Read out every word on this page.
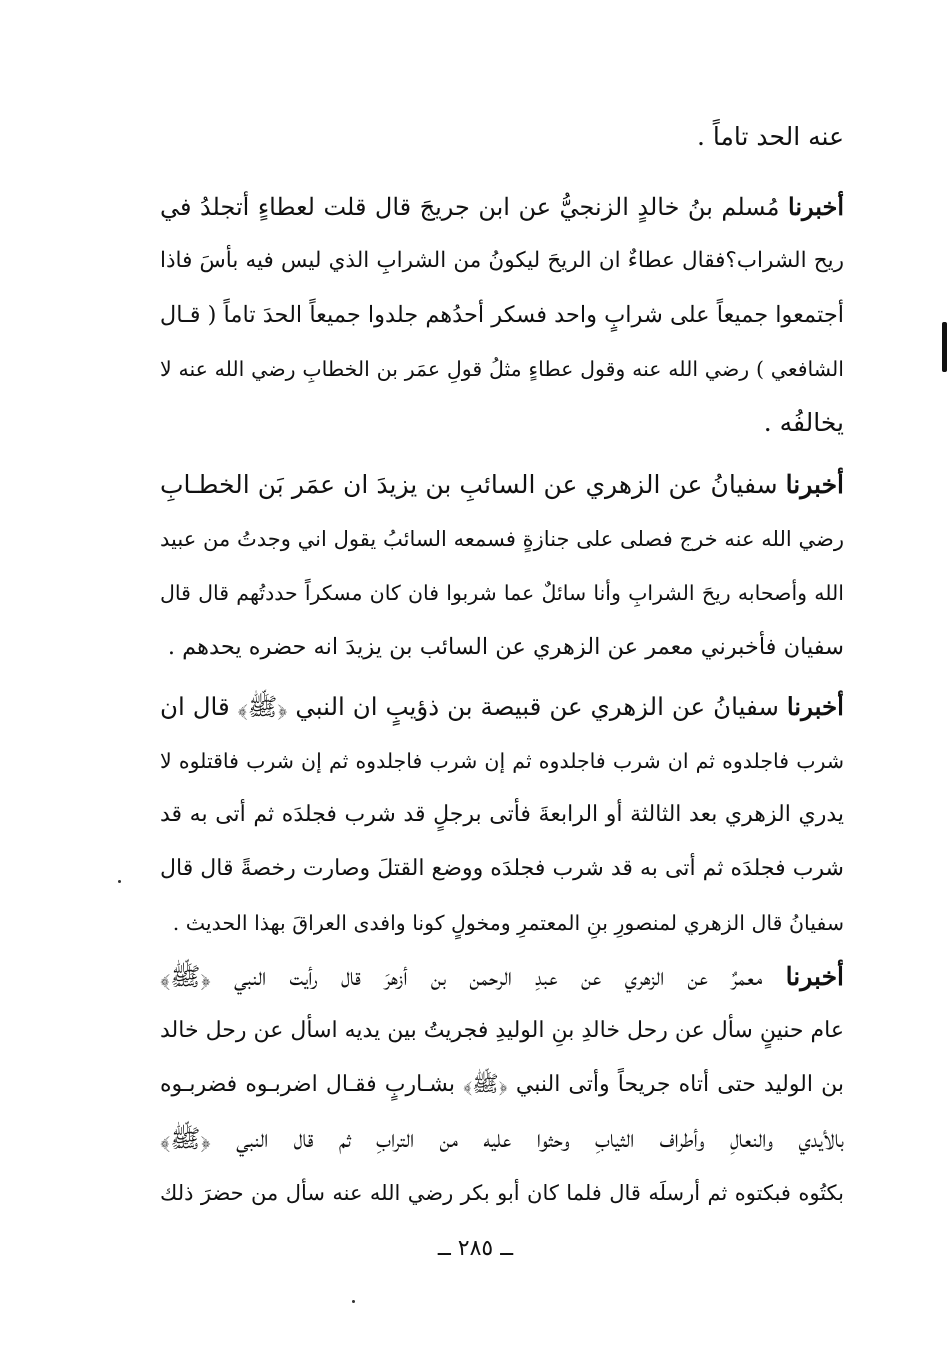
عنه الحد تاماً .
أخبرنا مُسلم بنُ خالدٍ الزنجيُّ عن ابن جريجَ قال قلت لعطاءٍ أتجلدُ في
ريح الشراب؟فقال عطاءٌ ان الريحَ ليكونُ من الشرابِ الذي ليس فيه بأسَ فاذا
أجتمعوا جميعاً على شرابٍ واحد فسكر أحدُهم جلدوا جميعاً الحدَ تاماً ( قـال
الشافعي ) رضي الله عنه وقول عطاءٍ مثلُ قولِ عمَر بن الخطابِ رضي الله عنه لا
يخالفُه .
أخبرنا سفيانُ عن الزهري عن السائبِ بن يزيدَ ان عمَر بَن الخطـابِ
رضي الله عنه خرج فصلى على جنازةٍ فسمعه السائبُ يقول اني وجدتُ من عبيد
الله وأصحابه ريحَ الشرابِ وأنا سائلٌ عما شربوا فان كان مسكراً حددتُهم قال قال
سفيان فأخبرني معمر عن الزهري عن السائب بن يزيدَ انه حضره يحدهم .
أخبرنا سفيانُ عن الزهري عن قبيصة بن ذؤيبٍ ان النبي ﴿ﷺ﴾ قال ان
شرب فاجلدوه ثم ان شرب فاجلدوه ثم إن شرب فاجلدوه ثم إن شرب فاقتلوه لا
يدري الزهري بعد الثالثة أو الرابعةَ فأتى برجلٍ قد شرب فجلدَه ثم أتى به قد
شرب فجلدَه ثم أتى به قد شرب فجلدَه ووضع القتلَ وصارت رخصةً قال قال
سفيانُ قال الزهري لمنصورِ بنِ المعتمرِ ومخولٍ كونا وافدى العراقَ بهذا الحديث .
أخبرنا معمرٌ عن الزهري عن عبدِ الرحمن بن أزهرَ قال رأيت النبي ﴿ﷺ﴾
عام حنينٍ سأل عن رحل خالدِ بنِ الوليدِ فجريتُ بين يديه اسأل عن رحل خالد
بن الوليد حتى أتاه جريحاً وأتى النبي ﴿ﷺ﴾ بشـاربٍ فقـال اضربـوه فضربـوه
بالأيدي والنعالِ وأطراف الثيابِ وحثوا عليه من الترابِ ثم قال النبي ﴿ﷺ﴾
بكتُوه فبكتوه ثم أرسلَه قال فلما كان أبو بكر رضي الله عنه سأل من حضرَ ذلك
ــ ٢٨٥ ــ
